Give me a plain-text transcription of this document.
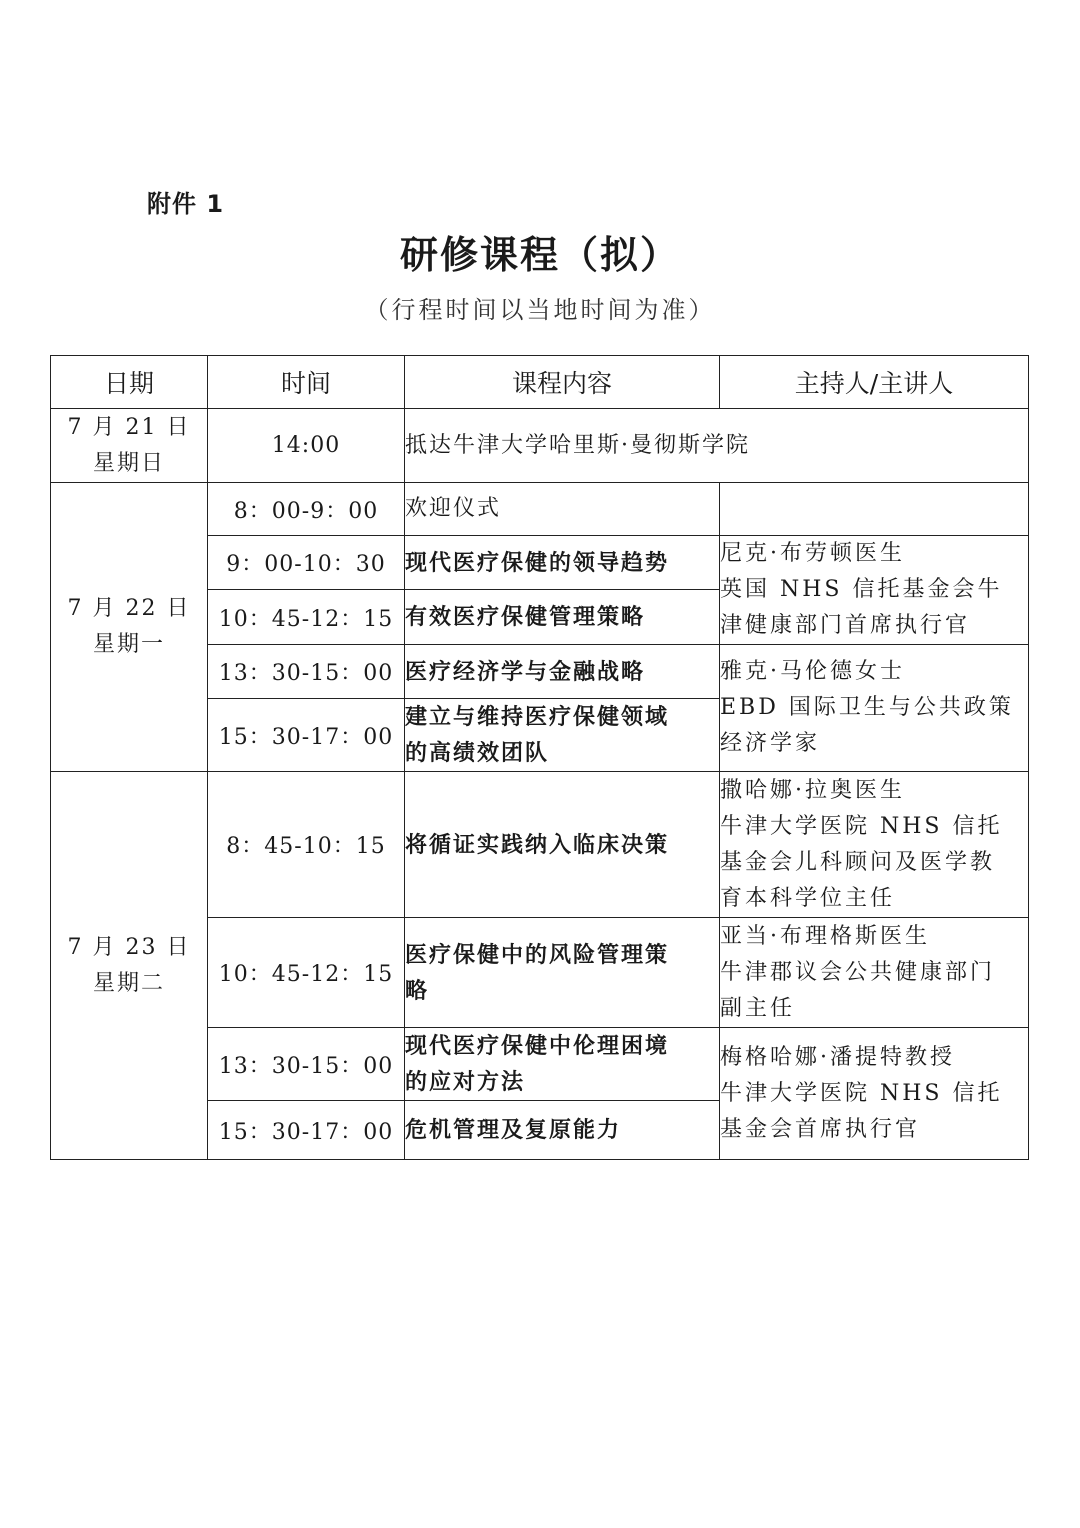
附件 1
研修课程（拟）
（行程时间以当地时间为准）
日期	时间	课程内容	主持人/主讲人

7 月 21 日
星期日	14:00	抵达牛津大学哈里斯·曼彻斯学院	

7 月 22 日
星期一	8：00-9：00	欢迎仪式	
	9：00-10：30	现代医疗保健的领导趋势	尼克·布劳顿医生
英国 NHS 信托基金会牛
津健康部门首席执行官

	10：45-12：15	有效医疗保健管理策略	
	13：30-15：00	医疗经济学与金融战略	雅克·马伦德女士
EBD 国际卫生与公共政策
经济学家

	15：30-17：00	建立与维持医疗保健领域
的高绩效团队	

7 月 23 日
星期二	8：45-10：15	将循证实践纳入临床决策	撒哈娜·拉奥医生
牛津大学医院 NHS 信托
基金会儿科顾问及医学教
育本科学位主任

	10：45-12：15	医疗保健中的风险管理策
略	亚当·布理格斯医生
牛津郡议会公共健康部门
副主任

	13：30-15：00	现代医疗保健中伦理困境
的应对方法	梅格哈娜·潘提特教授
牛津大学医院 NHS 信托
基金会首席执行官

	15：30-17：00	危机管理及复原能力	
